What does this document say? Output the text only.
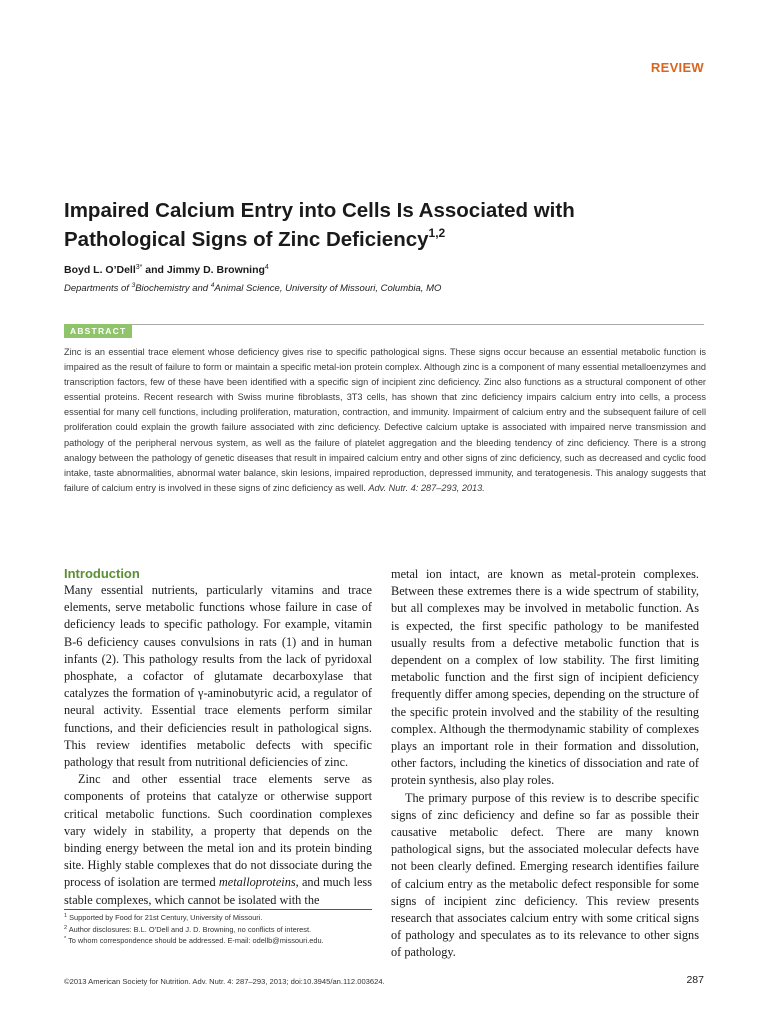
REVIEW
Impaired Calcium Entry into Cells Is Associated with Pathological Signs of Zinc Deficiency$^{1,2}$
Boyd L. O’Dell$^{3*}$ and Jimmy D. Browning$^4$
Departments of $^3$Biochemistry and $^4$Animal Science, University of Missouri, Columbia, MO
ABSTRACT

Zinc is an essential trace element whose deficiency gives rise to specific pathological signs. These signs occur because an essential metabolic function is impaired as the result of failure to form or maintain a specific metal-ion protein complex. Although zinc is a component of many essential metalloenzymes and transcription factors, few of these have been identified with a specific sign of incipient zinc deficiency. Zinc also functions as a structural component of other essential proteins. Recent research with Swiss murine fibroblasts, 3T3 cells, has shown that zinc deficiency impairs calcium entry into cells, a process essential for many cell functions, including proliferation, maturation, contraction, and immunity. Impairment of calcium entry and the subsequent failure of cell proliferation could explain the growth failure associated with zinc deficiency. Defective calcium uptake is associated with impaired nerve transmission and pathology of the peripheral nervous system, as well as the failure of platelet aggregation and the bleeding tendency of zinc deficiency. There is a strong analogy between the pathology of genetic diseases that result in impaired calcium entry and other signs of zinc deficiency, such as decreased and cyclic food intake, taste abnormalities, abnormal water balance, skin lesions, impaired reproduction, depressed immunity, and teratogenesis. This analogy suggests that failure of calcium entry is involved in these signs of zinc deficiency as well. Adv. Nutr. 4: 287–293, 2013.

Introduction

Many essential nutrients, particularly vitamins and trace elements, serve metabolic functions whose failure in case of deficiency leads to specific pathology. For example, vitamin B-6 deficiency causes convulsions in rats (1) and in human infants (2). This pathology results from the lack of pyridoxal phosphate, a cofactor of glutamate decarboxylase that catalyzes the formation of γ-aminobutyric acid, a regulator of neural activity. Essential trace elements perform similar functions, and their deficiencies result in pathological signs. This review identifies metabolic defects with specific pathology that result from nutritional deficiencies of zinc.

Zinc and other essential trace elements serve as components of proteins that catalyze or otherwise support critical metabolic functions. Such coordination complexes vary widely in stability, a property that depends on the binding energy between the metal ion and its protein binding site. Highly stable complexes that do not dissociate during the process of isolation are termed metalloproteins, and much less stable complexes, which cannot be isolated with the

metal ion intact, are known as metal-protein complexes. Between these extremes there is a wide spectrum of stability, but all complexes may be involved in metabolic function. As is expected, the first specific pathology to be manifested usually results from a defective metabolic function that is dependent on a complex of low stability. The first limiting metabolic function and the first sign of incipient deficiency frequently differ among species, depending on the structure of the specific protein involved and the stability of the resulting complex. Although the thermodynamic stability of complexes plays an important role in their formation and dissolution, other factors, including the kinetics of dissociation and rate of protein synthesis, also play roles.

The primary purpose of this review is to describe specific signs of zinc deficiency and define so far as possible their causative metabolic defect. There are many known pathological signs, but the associated molecular defects have not been clearly defined. Emerging research identifies failure of calcium entry as the metabolic defect responsible for some signs of incipient zinc deficiency. This review presents research that associates calcium entry with some critical signs of pathology and speculates as to its relevance to other signs of pathology.

$^1$ Supported by Food for 21st Century, University of Missouri.
$^2$ Author disclosures: B.L. O’Dell and J. D. Browning, no conflicts of interest.
* To whom correspondence should be addressed. E-mail: odellb@missouri.edu.
©2013 American Society for Nutrition. Adv. Nutr. 4: 287–293, 2013; doi:10.3945/an.112.003624.	287
